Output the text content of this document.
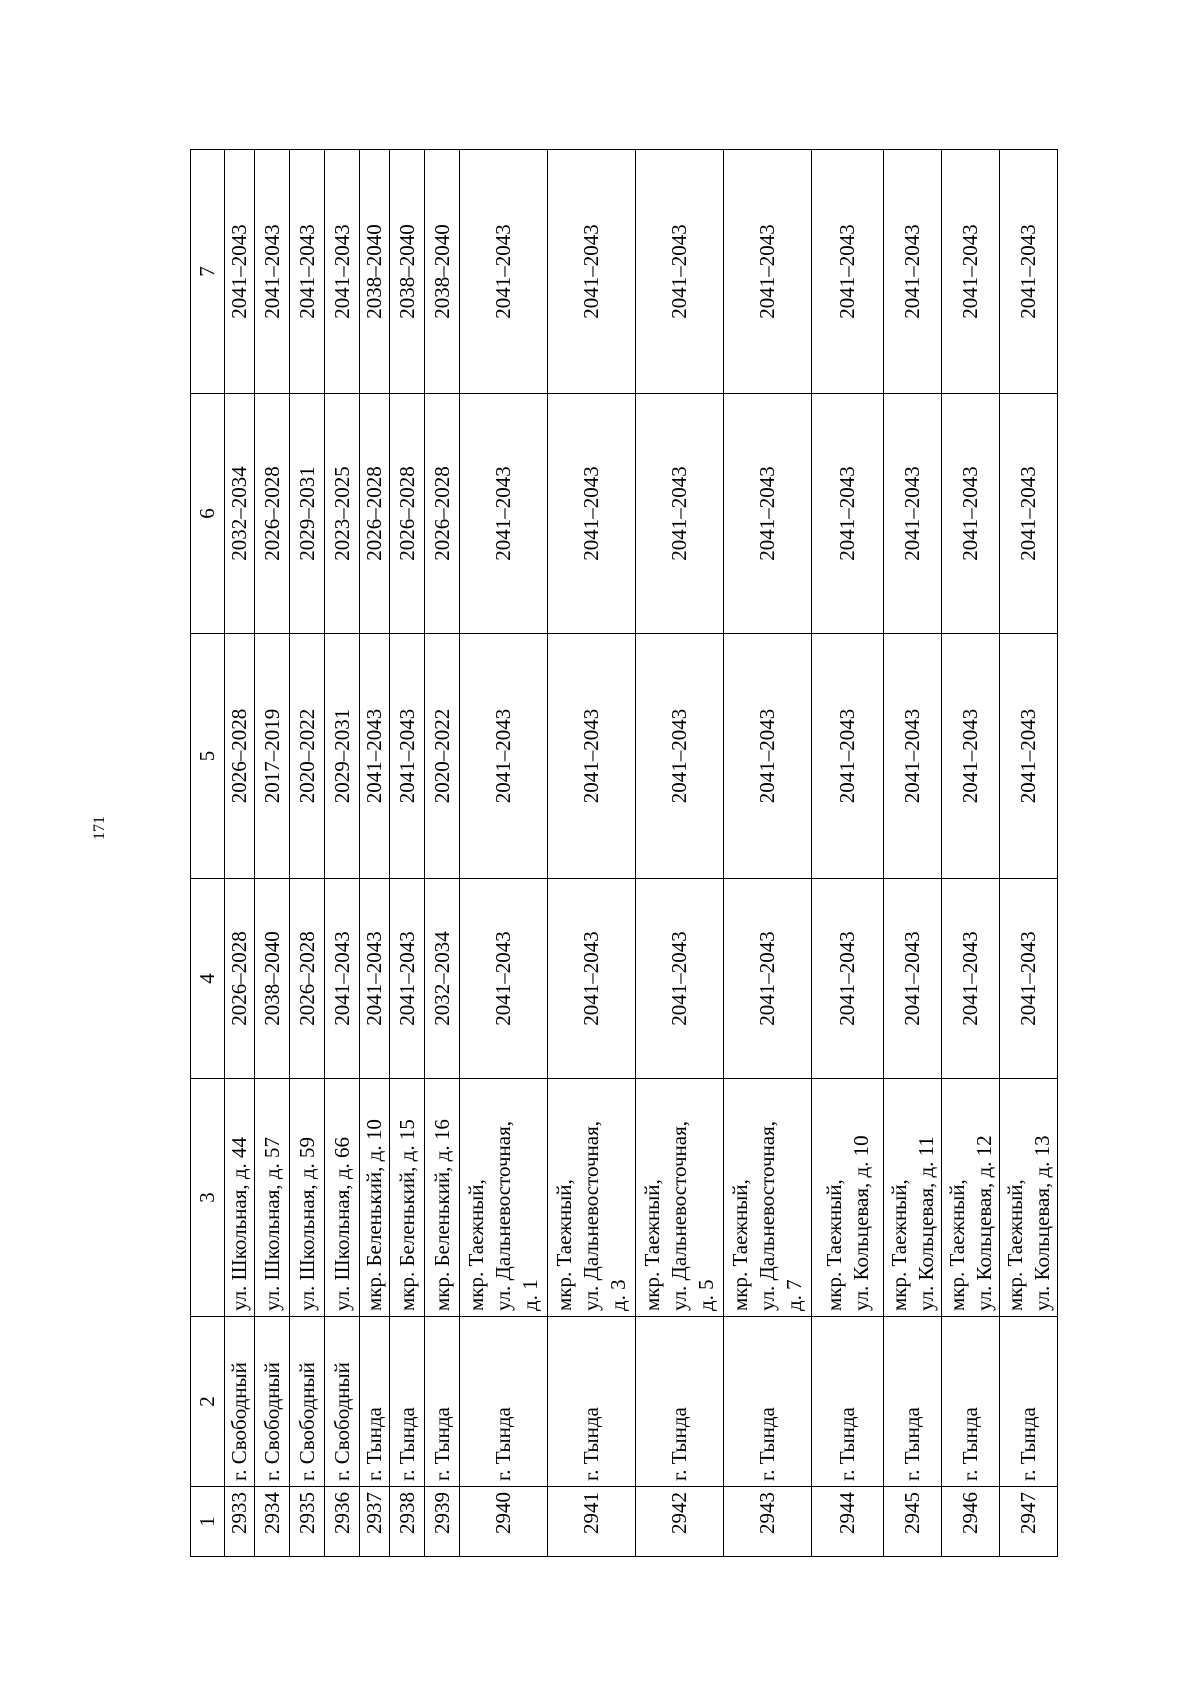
171
1	2	3	4	5	6	7
2933	г. Свободный	ул. Школьная, д. 44	2026–2028	2026–2028	2032–2034	2041–2043
2934	г. Свободный	ул. Школьная, д. 57	2038–2040	2017–2019	2026–2028	2041–2043
2935	г. Свободный	ул. Школьная, д. 59	2026–2028	2020–2022	2029–2031	2041–2043
2936	г. Свободный	ул. Школьная, д. 66	2041–2043	2029–2031	2023–2025	2041–2043
2937	г. Тында	мкр. Беленький, д. 10	2041–2043	2041–2043	2026–2028	2038–2040
2938	г. Тында	мкр. Беленький, д. 15	2041–2043	2041–2043	2026–2028	2038–2040
2939	г. Тында	мкр. Беленький, д. 16	2032–2034	2020–2022	2026–2028	2038–2040
2940	г. Тында	мкр. Таежный,
ул. Дальневосточная,
д. 1	2041–2043	2041–2043	2041–2043	2041–2043
2941	г. Тында	мкр. Таежный,
ул. Дальневосточная,
д. 3	2041–2043	2041–2043	2041–2043	2041–2043
2942	г. Тында	мкр. Таежный,
ул. Дальневосточная,
д. 5	2041–2043	2041–2043	2041–2043	2041–2043
2943	г. Тында	мкр. Таежный,
ул. Дальневосточная,
д. 7	2041–2043	2041–2043	2041–2043	2041–2043
2944	г. Тында	мкр. Таежный,
ул. Кольцевая, д. 10	2041–2043	2041–2043	2041–2043	2041–2043
2945	г. Тында	мкр. Таежный,
ул. Кольцевая, д. 11	2041–2043	2041–2043	2041–2043	2041–2043
2946	г. Тында	мкр. Таежный,
ул. Кольцевая, д. 12	2041–2043	2041–2043	2041–2043	2041–2043
2947	г. Тында	мкр. Таежный,
ул. Кольцевая, д. 13	2041–2043	2041–2043	2041–2043	2041–2043
